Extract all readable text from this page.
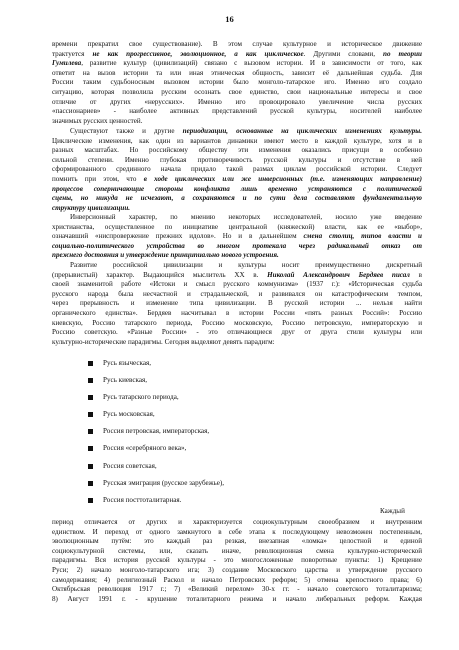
16
времени прекратил свое существование). В этом случае культурное и историческое движение
трактуется не как прогрессивное, эволюционное, а как циклическое. Другими словами, по теории
Гумилева, развитие культур (цивилизаций) связано с вызовом истории. И в зависимости от того, как
ответит на вызов истории та или иная этническая общность, зависит её дальнейшая судьба. Для
России таким судьбоносным вызовом истории было монголо-татарское иго. Именно иго создало
ситуацию, которая позволила русским осознать свое единство, свои национальные интересы и свое
отличие от других «нерусских». Именно иго провоцировало увеличение числа русских
«пассионариев» - наиболее активных представлений русской культуры, носителей наиболее
значимых русских ценностей.
Существуют также и другие периодизации, основанные на циклических изменениях культуры.
Циклические изменения, как один из вариантов динамики имеют место в каждой культуре, хотя и в
разных масштабах. Но российскому обществу эти изменения оказались присущи в особенно
сильной степени. Именно глубокая противоречивость русской культуры и отсутствие в ней
сформированного срединного начала придало такой размах циклам российской истории. Следует
помнить при этом, что в ходе циклических или же инверсионных (т.е. изменяющих направление)
процессов соперничающие стороны конфликта лишь временно устраняются с политической
сцены, но никуда не исчезают, а сохраняются и по сути дела составляют фундаментальную
структуру цивилизации.
Инверсионный характер, по мнению некоторых исследователей, носило уже введение
христианства, осуществленное по инициативе центральной (княжеской) власти, как ее «выбор»,
означавший «ниспровержение прежних идолов». Но и в дальнейшем смена столиц, типов власти и
социально-политического устройства во многом протекала через радикальный отказ от
прежнего достояния и утверждение принципиально нового устроения.
Развитие российской цивилизации и культуры носит преимущественно дискретный
(прерывистый) характер. Выдающийся мыслитель XX в. Николай Александрович Бердяев писал в
своей знаменитой работе «Истоки и смысл русского коммунизма» (1937 г.): «Историческая судьба
русского народа была несчастной и страдальческой, и развивался он катастрофическим темпом,
через прерывность и изменение типа цивилизации. В русской истории ... нельзя найти
органического единства». Бердяев насчитывал в истории России «пять разных Россий»: Россию
киевскую, Россию татарского периода, Россию московскую, Россию петровскую, императорскую и
Россию советскую. «Разные России» - это отличающиеся друг от друга стили культуры или
культурно-исторические парадигмы. Сегодня выделяют девять парадигм:
Русь языческая,
Русь киевская,
Русь татарского периода,
Русь московская,
Россия петровская, императорская,
Россия «серебряного века»,
Россия советская,
Русская эмиграция (русское зарубежье),
Россия посттоталитарная.
Каждый
период отличается от других и характеризуется социокультурным своеобразием и внутренним
единством. И переход от одного замкнутого в себе этапа к последующему невозможен постепенным,
эволюционным путём: это каждый раз резкая, внезапная «ломка» целостной и единой
социокультурной системы, или, сказать иначе, революционная смена культурно-исторической
парадигмы. Вся история русской культуры - это многосложенные поворотные пункты: 1) Крещение
Руси; 2) начало монголо-татарского ига; 3) создание Московского царства и утверждение русского
самодержавия; 4) религиозный Раскол и начало Петровских реформ; 5) отмена крепостного права; 6)
Октябрьская революция 1917 г.; 7) «Великий перелом» 30-х гг. - начало советского тоталитаризма;
8) Август 1991 г. - крушение тоталитарного режима и начало либеральных реформ. Каждая
